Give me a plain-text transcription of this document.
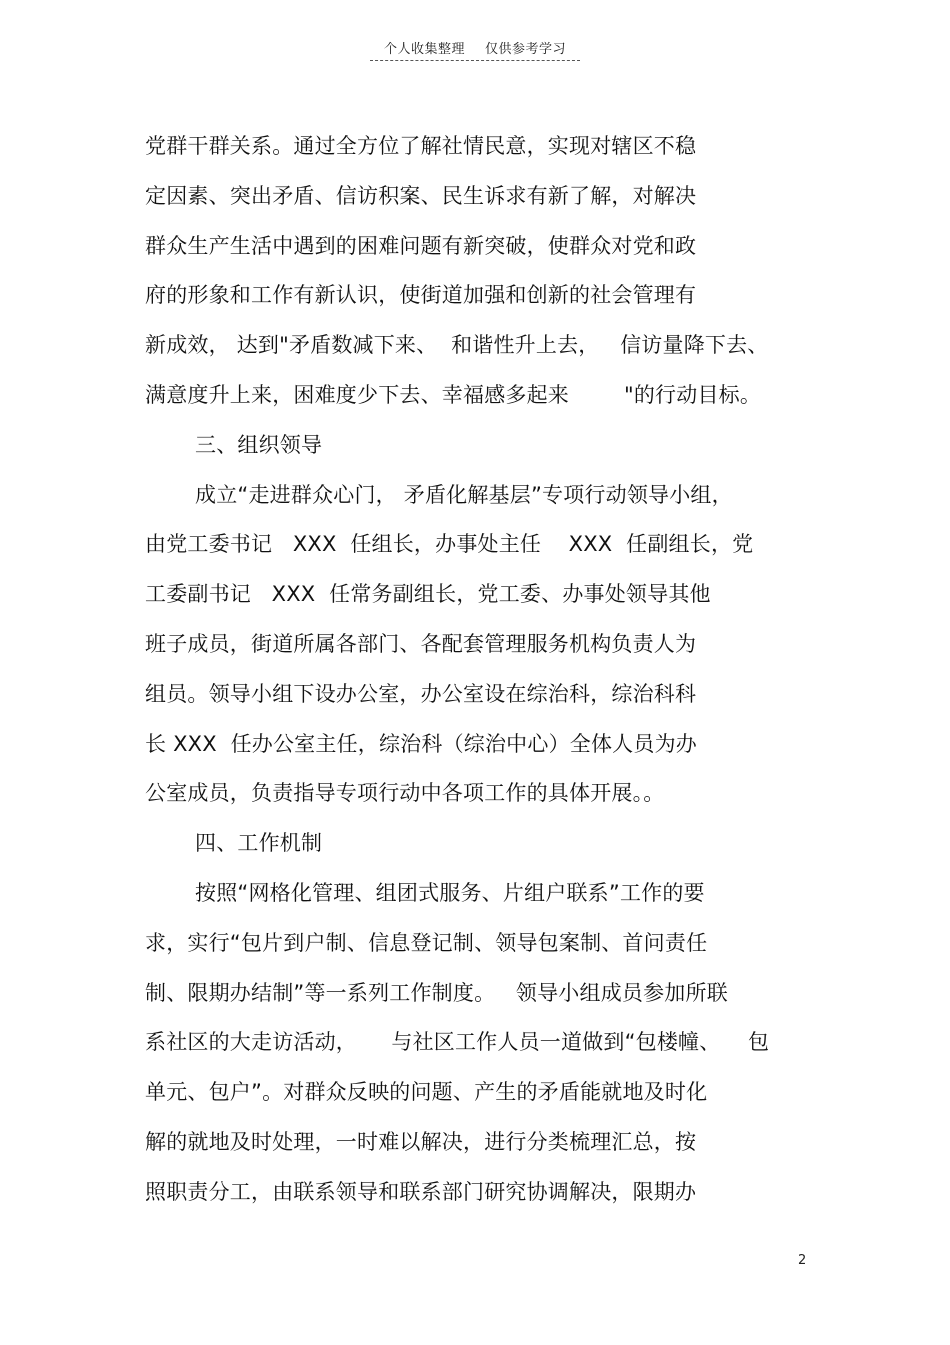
个人收集整理 仅供参考学习
党群干群关系。通过全方位了解社情民意，实现对辖区不稳
定因素、突出矛盾、信访积案、民生诉求有新了解，对解决
群众生产生活中遇到的困难问题有新突破，使群众对党和政
府的形象和工作有新认识，使街道加强和创新的社会管理有
新成效， 达到"矛盾数减下来、  和谐性升上去，   信访量降下去、
满意度升上来，困难度少下去、幸福感多起来        "的行动目标。
三、组织领导
成立“走进群众心门， 矛盾化解基层”专项行动领导小组，
由党工委书记   XXX  任组长，办事处主任    XXX  任副组长，党
工委副书记   XXX  任常务副组长，党工委、办事处领导其他
班子成员，街道所属各部门、各配套管理服务机构负责人为
组员。领导小组下设办公室，办公室设在综治科，综治科科
长 XXX  任办公室主任，综治科（综治中心）全体人员为办
公室成员，负责指导专项行动中各项工作的具体开展。。
四、工作机制
按照“网格化管理、组团式服务、片组户联系”工作的要
求，实行“包片到户制、信息登记制、领导包案制、首问责任
制、限期办结制”等一系列工作制度。   领导小组成员参加所联
系社区的大走访活动，     与社区工作人员一道做到“包楼幢、    包
单元、包户”。对群众反映的问题、产生的矛盾能就地及时化
解的就地及时处理，一时难以解决，进行分类梳理汇总，按
照职责分工，由联系领导和联系部门研究协调解决，限期办
2
